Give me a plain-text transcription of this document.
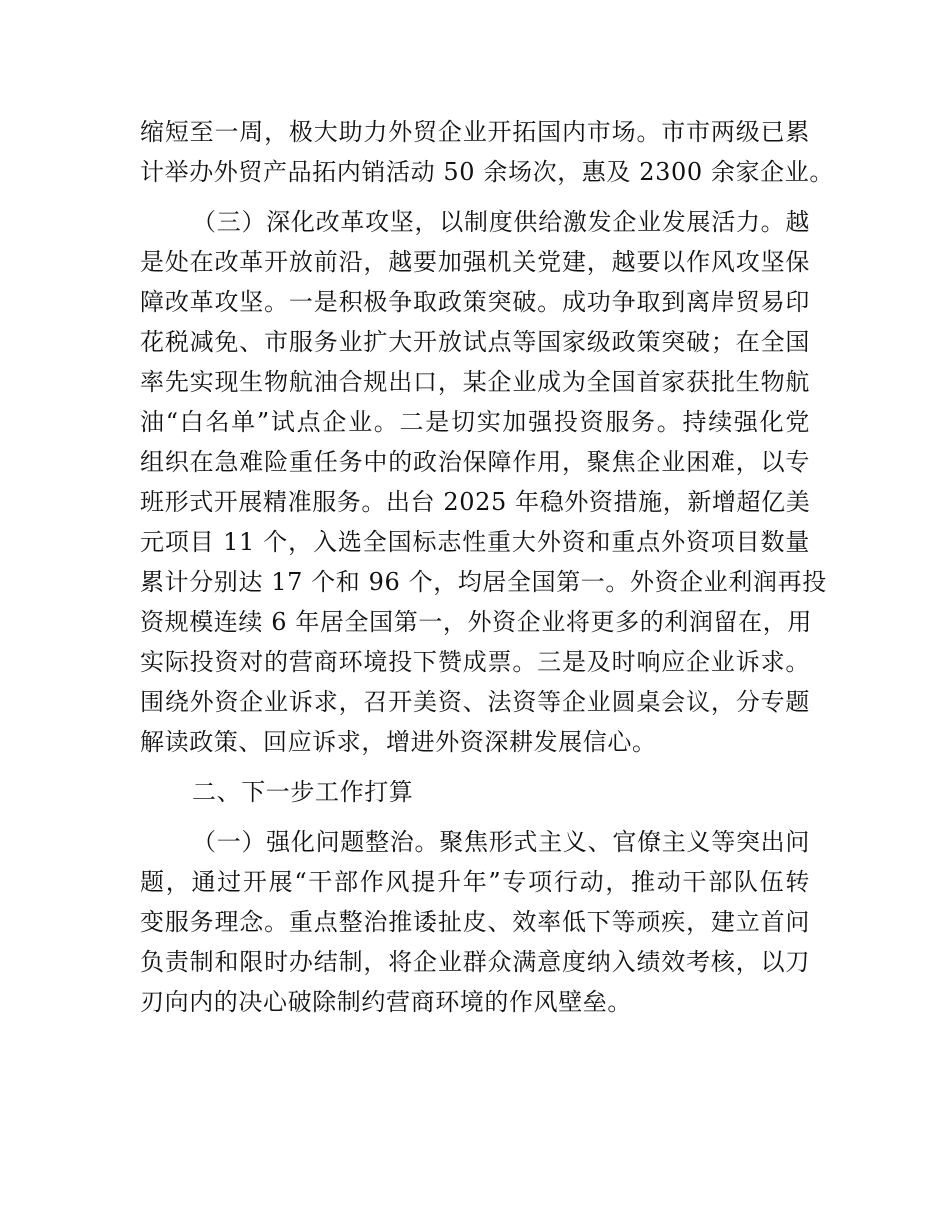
缩短至一周，极大助力外贸企业开拓国内市场。市市两级已累
计举办外贸产品拓内销活动 50 余场次，惠及 2300 余家企业。
（三）深化改革攻坚，以制度供给激发企业发展活力。越
是处在改革开放前沿，越要加强机关党建，越要以作风攻坚保
障改革攻坚。一是积极争取政策突破。成功争取到离岸贸易印
花税减免、市服务业扩大开放试点等国家级政策突破；在全国
率先实现生物航油合规出口，某企业成为全国首家获批生物航
油“白名单”试点企业。二是切实加强投资服务。持续强化党
组织在急难险重任务中的政治保障作用，聚焦企业困难，以专
班形式开展精准服务。出台 2025 年稳外资措施，新增超亿美
元项目 11 个，入选全国标志性重大外资和重点外资项目数量
累计分别达 17 个和 96 个，均居全国第一。外资企业利润再投
资规模连续 6 年居全国第一，外资企业将更多的利润留在，用
实际投资对的营商环境投下赞成票。三是及时响应企业诉求。
围绕外资企业诉求，召开美资、法资等企业圆桌会议，分专题
解读政策、回应诉求，增进外资深耕发展信心。
二、下一步工作打算
（一）强化问题整治。聚焦形式主义、官僚主义等突出问
题，通过开展“干部作风提升年”专项行动，推动干部队伍转
变服务理念。重点整治推诿扯皮、效率低下等顽疾，建立首问
负责制和限时办结制，将企业群众满意度纳入绩效考核，以刀
刃向内的决心破除制约营商环境的作风壁垒。
